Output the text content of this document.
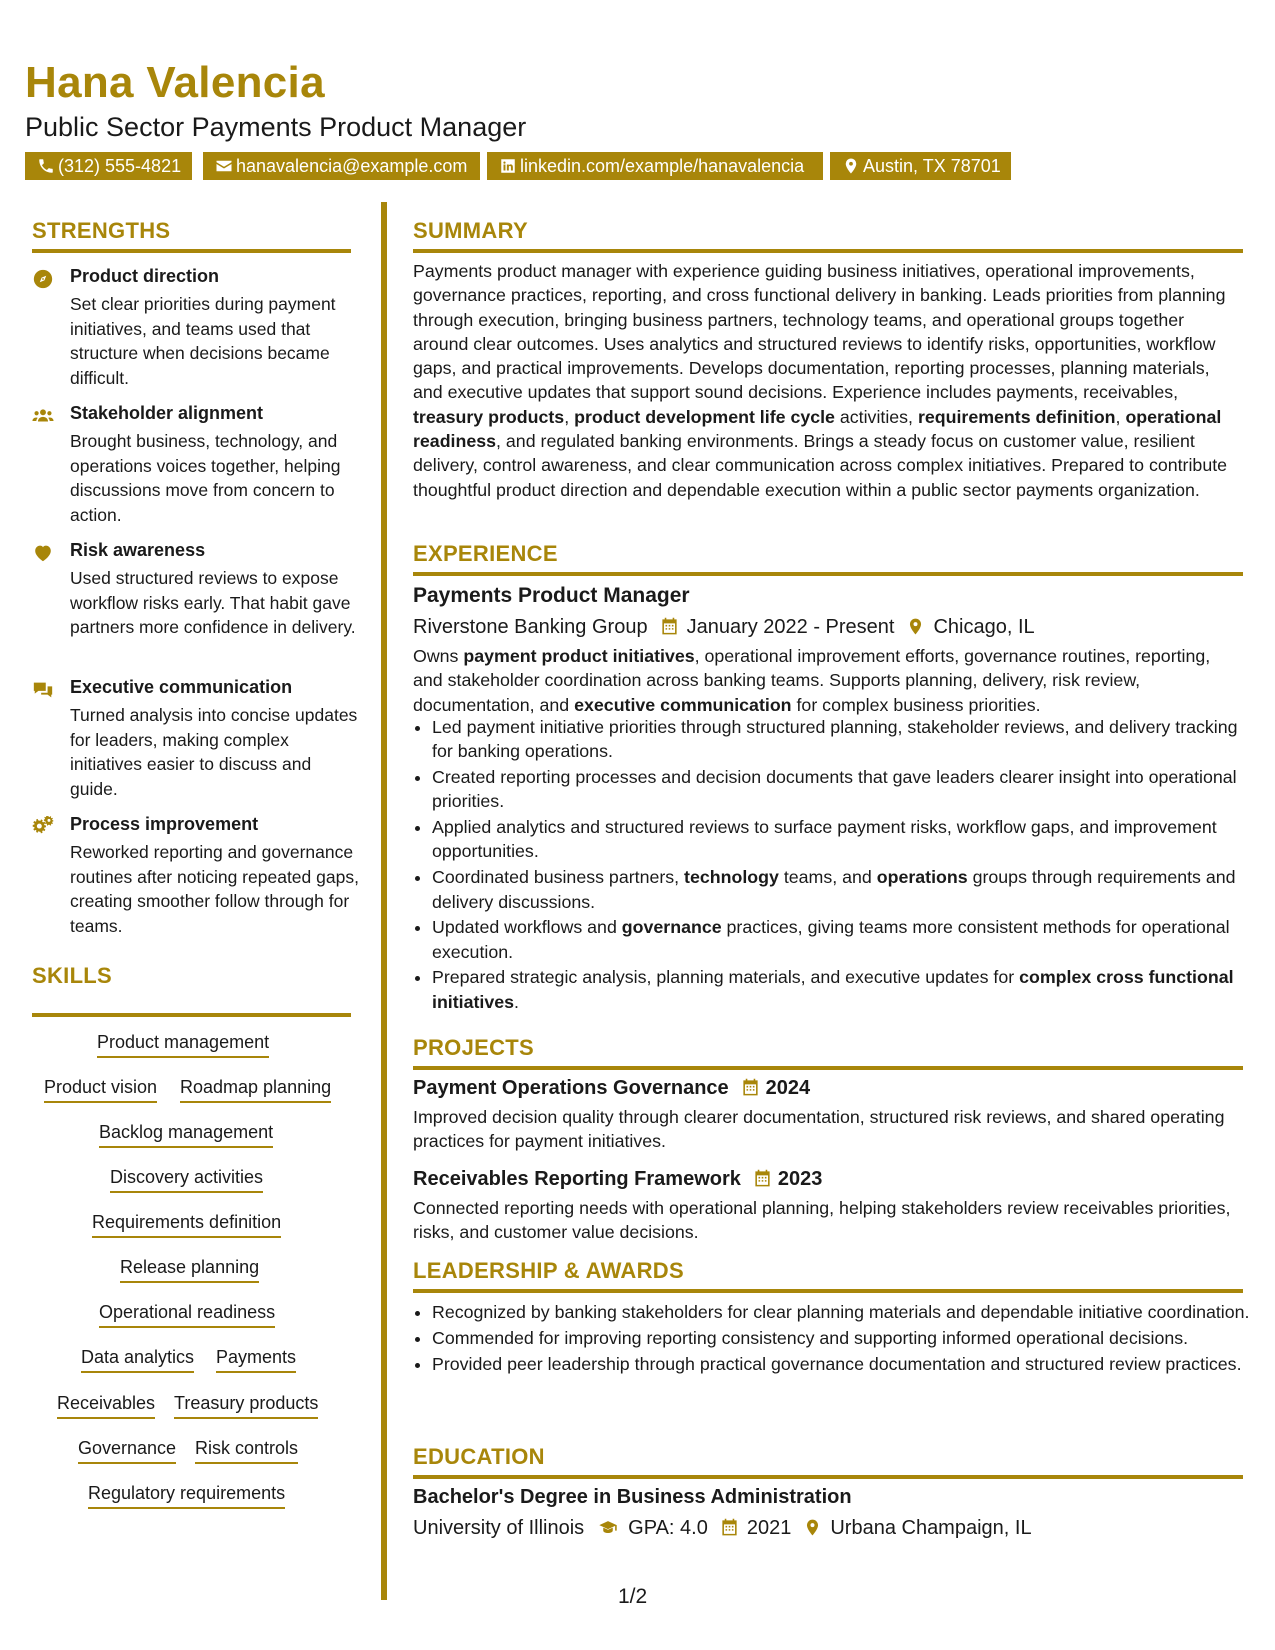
Hana Valencia
Public Sector Payments Product Manager
(312) 555-4821	hanavalencia@example.com	linkedin.com/example/hanavalencia	Austin, TX 78701
STRENGTHS
Product direction
Set clear priorities during payment initiatives, and teams used that structure when decisions became difficult.
Stakeholder alignment
Brought business, technology, and operations voices together, helping discussions move from concern to action.
Risk awareness
Used structured reviews to expose workflow risks early. That habit gave partners more confidence in delivery.
Executive communication
Turned analysis into concise updates for leaders, making complex initiatives easier to discuss and guide.
Process improvement
Reworked reporting and governance routines after noticing repeated gaps, creating smoother follow through for teams.
SKILLS
Product management
Product vision Roadmap planning
Backlog management
Discovery activities
Requirements definition
Release planning
Operational readiness
Data analytics Payments
Receivables Treasury products
Governance Risk controls
Regulatory requirements
SUMMARY
Payments product manager with experience guiding business initiatives, operational improvements, governance practices, reporting, and cross functional delivery in banking. Leads priorities from planning through execution, bringing business partners, technology teams, and operational groups together around clear outcomes. Uses analytics and structured reviews to identify risks, opportunities, workflow gaps, and practical improvements. Develops documentation, reporting processes, planning materials, and executive updates that support sound decisions. Experience includes payments, receivables, treasury products, product development life cycle activities, requirements definition, operational readiness, and regulated banking environments. Brings a steady focus on customer value, resilient delivery, control awareness, and clear communication across complex initiatives. Prepared to contribute thoughtful product direction and dependable execution within a public sector payments organization.
EXPERIENCE
Payments Product Manager
Riverstone Banking Group January 2022 - Present Chicago, IL
Owns payment product initiatives, operational improvement efforts, governance routines, reporting, and stakeholder coordination across banking teams. Supports planning, delivery, risk review, documentation, and executive communication for complex business priorities.
• Led payment initiative priorities through structured planning, stakeholder reviews, and delivery tracking for banking operations.
• Created reporting processes and decision documents that gave leaders clearer insight into operational priorities.
• Applied analytics and structured reviews to surface payment risks, workflow gaps, and improvement opportunities.
• Coordinated business partners, technology teams, and operations groups through requirements and delivery discussions.
• Updated workflows and governance practices, giving teams more consistent methods for operational execution.
• Prepared strategic analysis, planning materials, and executive updates for complex cross functional initiatives.
PROJECTS
Payment Operations Governance 2024
Improved decision quality through clearer documentation, structured risk reviews, and shared operating practices for payment initiatives.
Receivables Reporting Framework 2023
Connected reporting needs with operational planning, helping stakeholders review receivables priorities, risks, and customer value decisions.
LEADERSHIP & AWARDS
• Recognized by banking stakeholders for clear planning materials and dependable initiative coordination.
• Commended for improving reporting consistency and supporting informed operational decisions.
• Provided peer leadership through practical governance documentation and structured review practices.
EDUCATION
Bachelor's Degree in Business Administration
University of Illinois GPA: 4.0 2021 Urbana Champaign, IL
1/2
